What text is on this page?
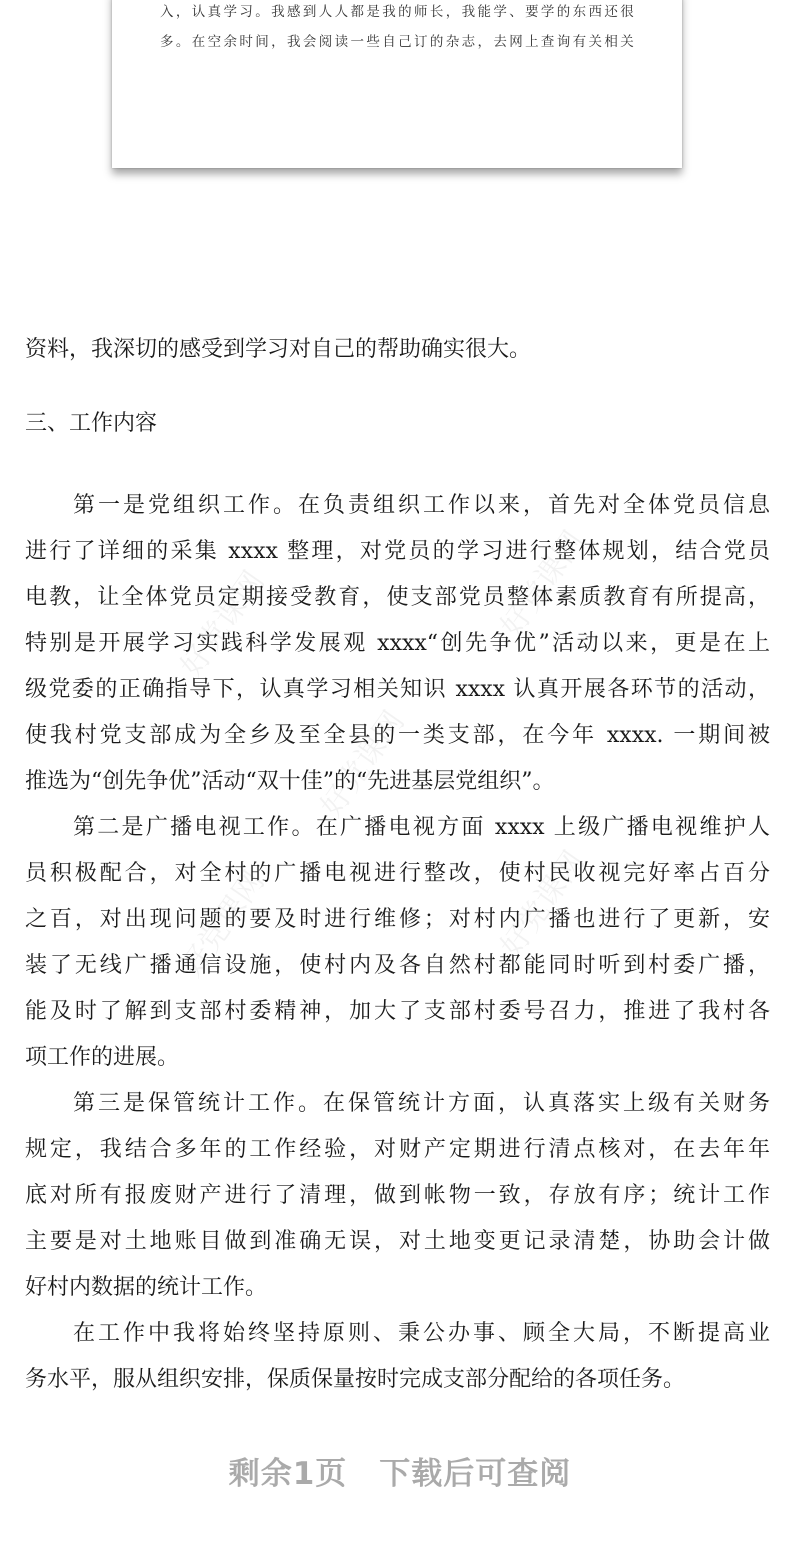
入，认真学习。我感到人人都是我的师长，我能学、要学的东西还很
多。在空余时间，我会阅读一些自己订的杂志，去网上查询有关相关
好党课网	好党课网
好党课网
好党课网	好党课网
资料，我深切的感受到学习对自己的帮助确实很大。
三、工作内容
第一是党组织工作。在负责组织工作以来，首先对全体党员信息
进行了详细的采集 xxxx 整理，对党员的学习进行整体规划，结合党员
电教，让全体党员定期接受教育，使支部党员整体素质教育有所提高，
特别是开展学习实践科学发展观 xxxx“创先争优”活动以来，更是在上
级党委的正确指导下，认真学习相关知识 xxxx 认真开展各环节的活动，
使我村党支部成为全乡及至全县的一类支部，在今年 xxxx. 一期间被
推选为“创先争优”活动“双十佳”的“先进基层党组织”。
第二是广播电视工作。在广播电视方面 xxxx 上级广播电视维护人
员积极配合，对全村的广播电视进行整改，使村民收视完好率占百分
之百，对出现问题的要及时进行维修；对村内广播也进行了更新，安
装了无线广播通信设施，使村内及各自然村都能同时听到村委广播，
能及时了解到支部村委精神，加大了支部村委号召力，推进了我村各
项工作的进展。
第三是保管统计工作。在保管统计方面，认真落实上级有关财务
规定，我结合多年的工作经验，对财产定期进行清点核对，在去年年
底对所有报废财产进行了清理，做到帐物一致，存放有序；统计工作
主要是对土地账目做到准确无误，对土地变更记录清楚，协助会计做
好村内数据的统计工作。
在工作中我将始终坚持原则、秉公办事、顾全大局，不断提高业
务水平，服从组织安排，保质保量按时完成支部分配给的各项任务。
剩余1页 下载后可查阅
